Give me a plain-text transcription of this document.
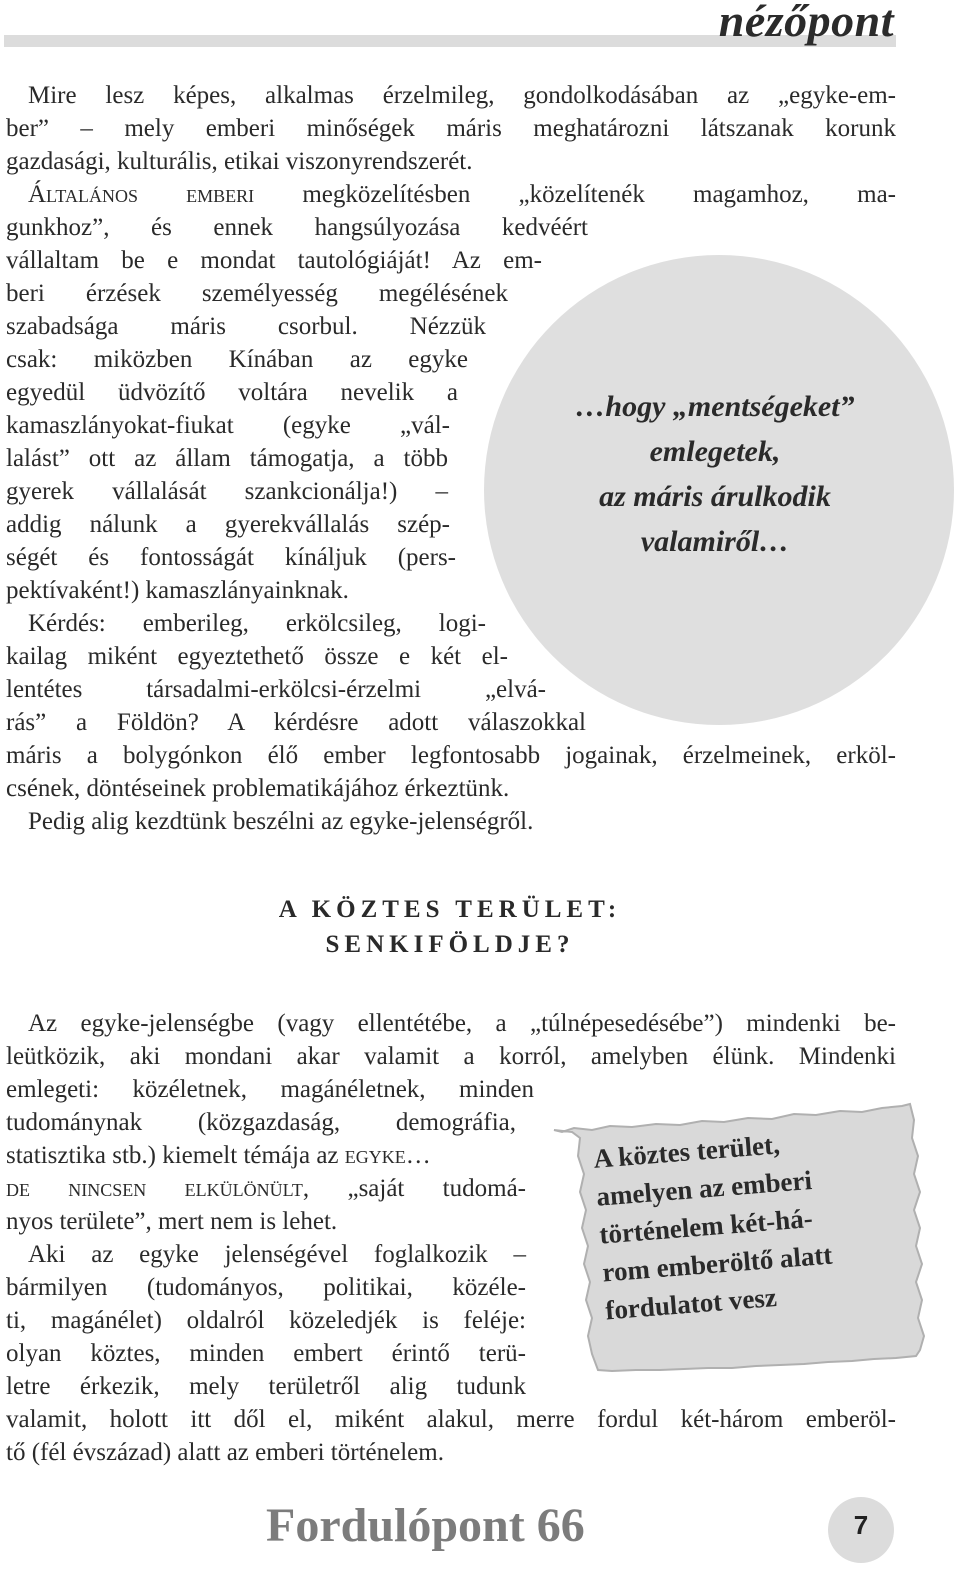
nézőpont
…hogy „mentségeket”
emlegetek,
az máris árulkodik
valamiről…

Mire lesz képes, alkalmas érzelmileg, gondolkodásában az „egyke-em-

ber” – mely emberi minőségek máris meghatározni látszanak korunk

gazdasági, kulturális, etikai viszonyrendszerét.

Általános emberi megközelítésben „közelítenék magamhoz, ma-

gunkhoz”, és ennek hangsúlyozása kedvéért

vállaltam be e mondat tautológiáját! Az em-

beri érzések személyesség megélésének

szabadsága máris csorbul. Nézzük

csak: miközben Kínában az egyke

egyedül üdvözítő voltára nevelik a

kamaszlányokat-fiukat (egyke „vál-

lalást” ott az állam támogatja, a több

gyerek vállalását szankcionálja!) –

addig nálunk a gyerekvállalás szép-

ségét és fontosságát kínáljuk (pers-

pektívaként!) kamaszlányainknak.

Kérdés: emberileg, erkölcsileg, logi-

kailag miként egyeztethető össze e két el-

lentétes társadalmi-erkölcsi-érzelmi „elvá-

rás” a Földön? A kérdésre adott válaszokkal

máris a bolygónkon élő ember legfontosabb jogainak, érzelmeinek, erköl-

csének, döntéseinek problematikájához érkeztünk.

Pedig alig kezdtünk beszélni az egyke-jelenségről.

A KÖZTES TERÜLET:
SENKIFÖLDJE?

Az egyke-jelenségbe (vagy ellentétébe, a „túlnépesedésébe”) mindenki be-

leütközik, aki mondani akar valamit a korról, amelyben élünk. Mindenki

emlegeti: közéletnek, magánéletnek, minden

tudománynak (közgazdaság, demográfia,

statisztika stb.) kiemelt témája az egyke…

de nincsen elkülönült, „saját tudomá-

nyos területe”, mert nem is lehet.

Aki az egyke jelenségével foglalkozik –

bármilyen (tudományos, politikai, közéle-

ti, magánélet) oldalról közeledjék is feléje:

olyan köztes, minden embert érintő terü-

letre érkezik, mely területről alig tudunk

valamit, holott itt dől el, miként alakul, merre fordul két-három emberöl-

tő (fél évszázad) alatt az emberi történelem.

A köztes terület,
amelyen az emberi
történelem két-há-
rom emberöltő alatt
fordulatot vesz
Fordulópont 66	7
